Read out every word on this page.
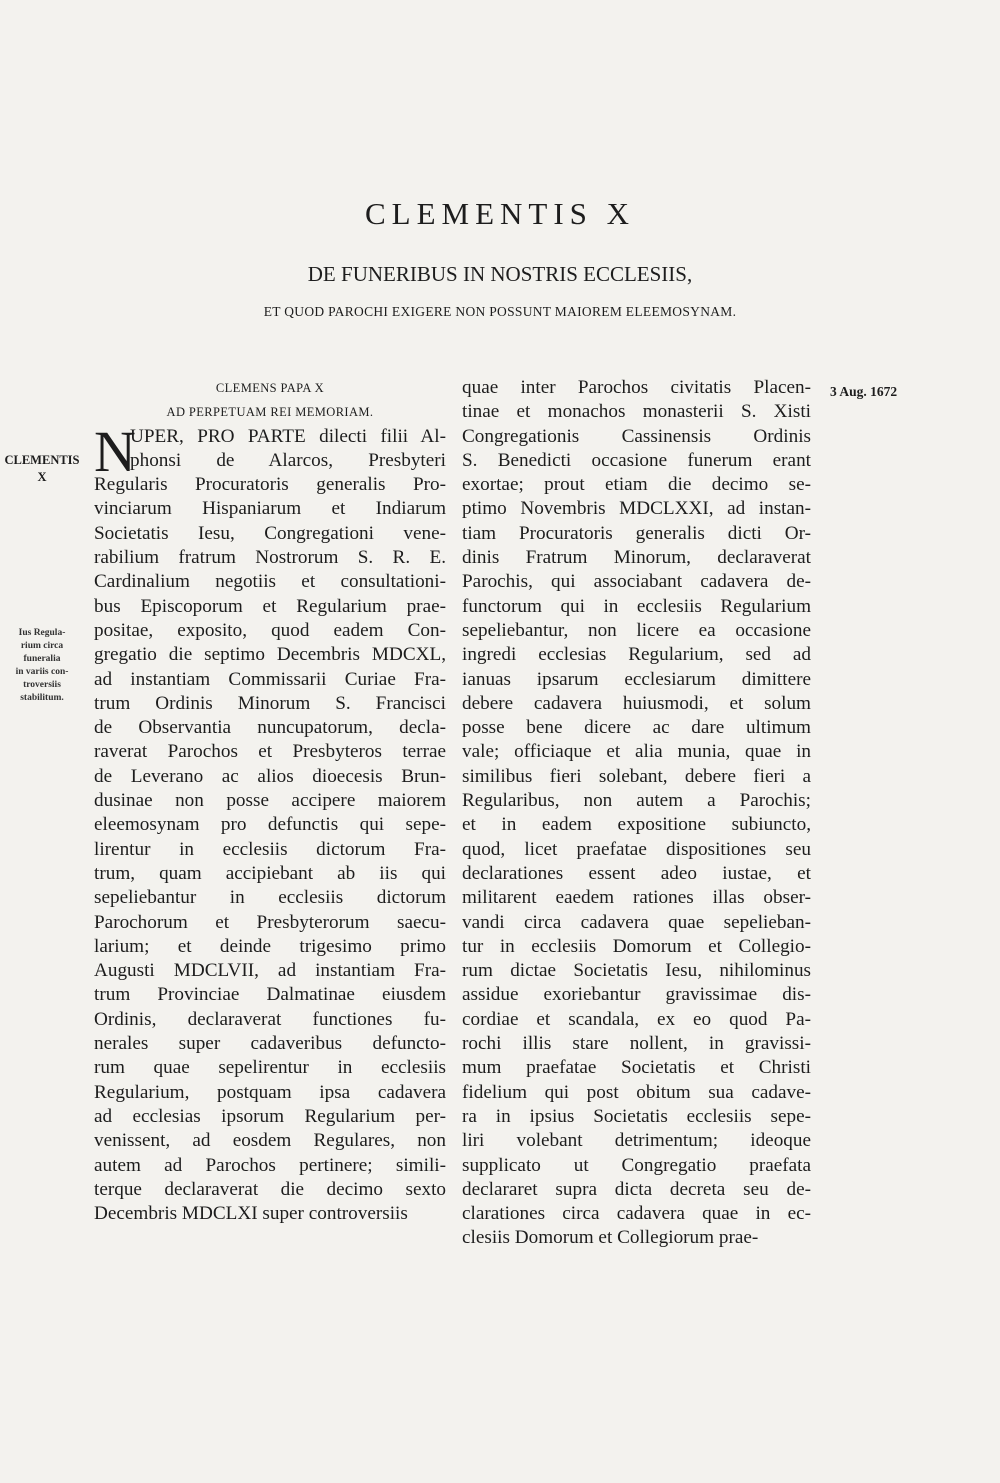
CLEMENTIS X
DE FUNERIBUS IN NOSTRIS ECCLESIIS,
ET QUOD PAROCHI EXIGERE NON POSSUNT MAIOREM ELEEMOSYNAM.
CLEMENTIS
X
Ius Regula-
rium circa
funeralia
in variis con-
troversiis
stabilitum.
3 Aug. 1672
CLEMENS PAPA X
AD PERPETUAM REI MEMORIAM.
N
UPER, PRO PARTE dilecti filii Al-
phonsi de Alarcos, Presbyteri
Regularis Procuratoris generalis Pro-
vinciarum Hispaniarum et Indiarum
Societatis Iesu, Congregationi vene-
rabilium fratrum Nostrorum S. R. E.
Cardinalium negotiis et consultationi-
bus Episcoporum et Regularium prae-
positae, exposito, quod eadem Con-
gregatio die septimo Decembris MDCXL,
ad instantiam Commissarii Curiae Fra-
trum Ordinis Minorum S. Francisci
de Observantia nuncupatorum, decla-
raverat Parochos et Presbyteros terrae
de Leverano ac alios dioecesis Brun-
dusinae non posse accipere maiorem
eleemosynam pro defunctis qui sepe-
lirentur in ecclesiis dictorum Fra-
trum, quam accipiebant ab iis qui
sepeliebantur in ecclesiis dictorum
Parochorum et Presbyterorum saecu-
larium; et deinde trigesimo primo
Augusti MDCLVII, ad instantiam Fra-
trum Provinciae Dalmatinae eiusdem
Ordinis, declaraverat functiones fu-
nerales super cadaveribus defuncto-
rum quae sepelirentur in ecclesiis
Regularium, postquam ipsa cadavera
ad ecclesias ipsorum Regularium per-
venissent, ad eosdem Regulares, non
autem ad Parochos pertinere; simili-
terque declaraverat die decimo sexto
Decembris MDCLXI super controversiis
quae inter Parochos civitatis Placen-
tinae et monachos monasterii S. Xisti
Congregationis Cassinensis Ordinis
S. Benedicti occasione funerum erant
exortae; prout etiam die decimo se-
ptimo Novembris MDCLXXI, ad instan-
tiam Procuratoris generalis dicti Or-
dinis Fratrum Minorum, declaraverat
Parochis, qui associabant cadavera de-
functorum qui in ecclesiis Regularium
sepeliebantur, non licere ea occasione
ingredi ecclesias Regularium, sed ad
ianuas ipsarum ecclesiarum dimittere
debere cadavera huiusmodi, et solum
posse bene dicere ac dare ultimum
vale; officiaque et alia munia, quae in
similibus fieri solebant, debere fieri a
Regularibus, non autem a Parochis;
et in eadem expositione subiuncto,
quod, licet praefatae dispositiones seu
declarationes essent adeo iustae, et
militarent eaedem rationes illas obser-
vandi circa cadavera quae sepelieban-
tur in ecclesiis Domorum et Collegio-
rum dictae Societatis Iesu, nihilominus
assidue exoriebantur gravissimae dis-
cordiae et scandala, ex eo quod Pa-
rochi illis stare nollent, in gravissi-
mum praefatae Societatis et Christi
fidelium qui post obitum sua cadave-
ra in ipsius Societatis ecclesiis sepe-
liri volebant detrimentum; ideoque
supplicato ut Congregatio praefata
declararet supra dicta decreta seu de-
clarationes circa cadavera quae in ec-
clesiis Domorum et Collegiorum prae-
